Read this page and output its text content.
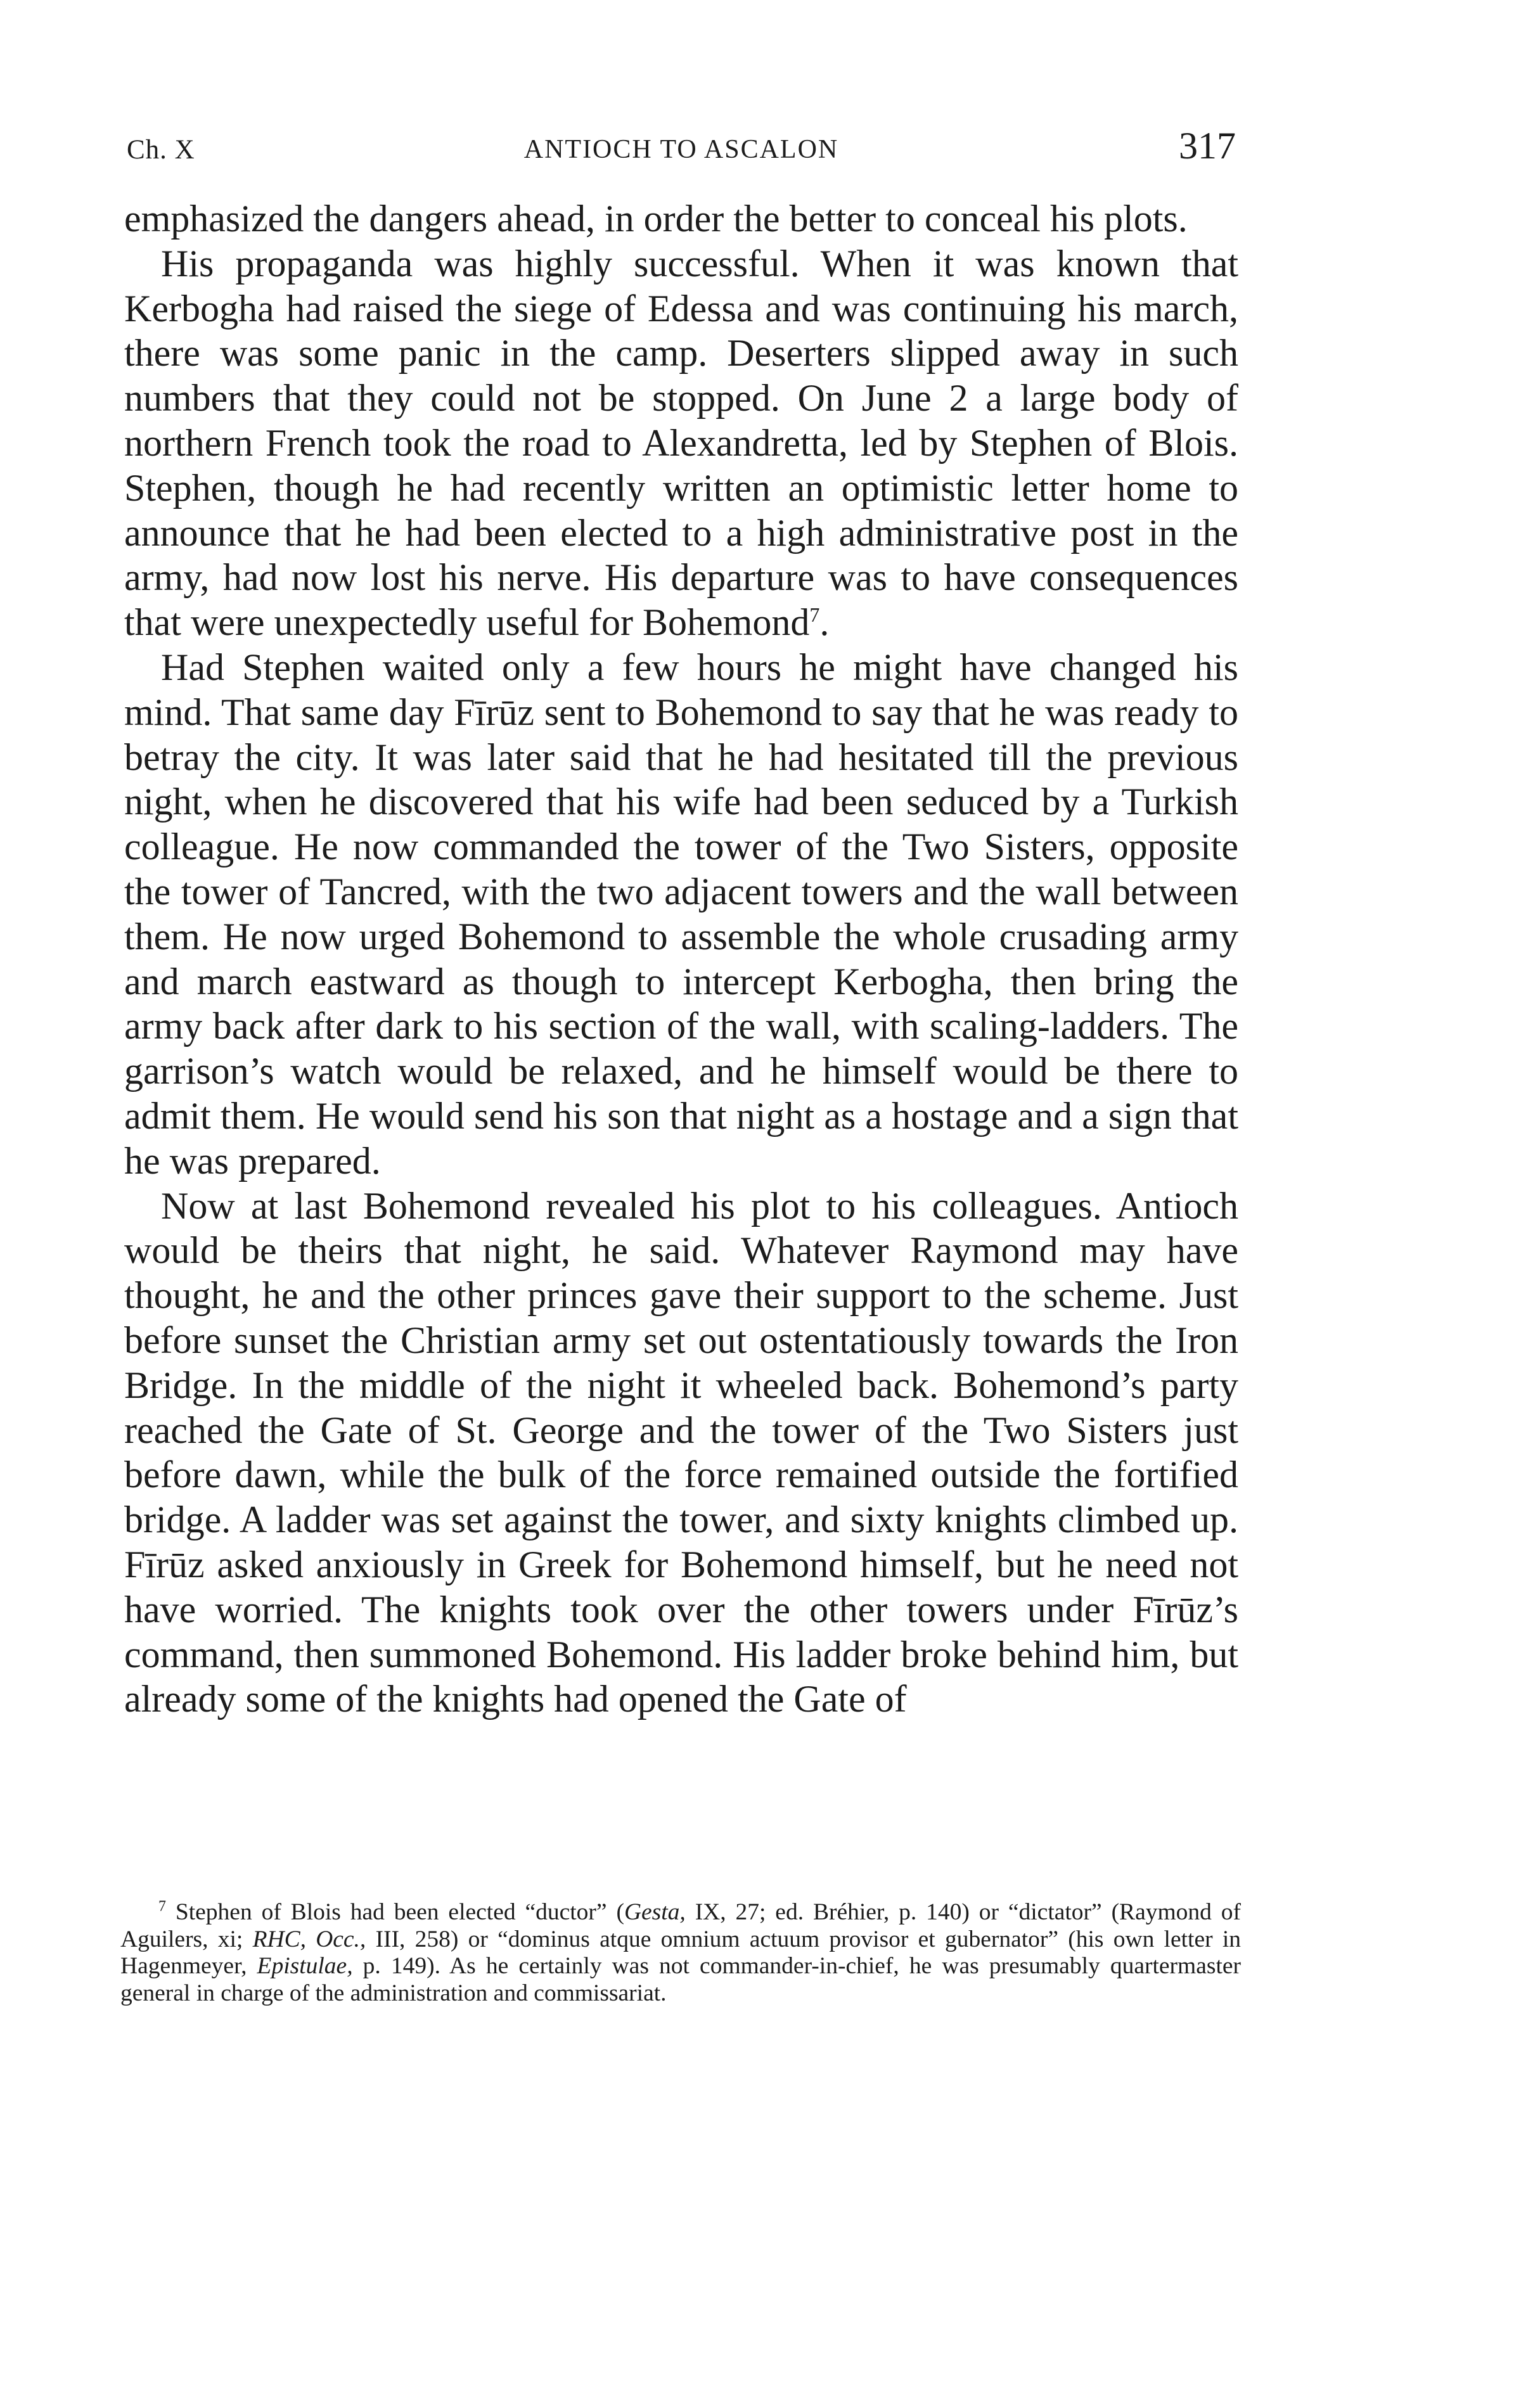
Ch. X	ANTIOCH TO ASCALON	317

emphasized the dangers ahead, in order the better to conceal his plots.

His propaganda was highly successful. When it was known that Kerbogha had raised the siege of Edessa and was continuing his march, there was some panic in the camp. Deserters slipped away in such numbers that they could not be stopped. On June 2 a large body of northern French took the road to Alexandretta, led by Stephen of Blois. Stephen, though he had recently written an optimistic letter home to announce that he had been elected to a high administrative post in the army, had now lost his nerve. His departure was to have consequences that were unexpectedly useful for Bohemond$^7$.

Had Stephen waited only a few hours he might have changed his mind. That same day Fīrūz sent to Bohemond to say that he was ready to betray the city. It was later said that he had hesitated till the previous night, when he discovered that his wife had been seduced by a Turkish colleague. He now commanded the tower of the Two Sisters, opposite the tower of Tancred, with the two adjacent towers and the wall between them. He now urged Bohemond to assemble the whole crusading army and march eastward as though to intercept Kerbogha, then bring the army back after dark to his section of the wall, with scaling-ladders. The garrison’s watch would be relaxed, and he himself would be there to admit them. He would send his son that night as a hostage and a sign that he was prepared.

Now at last Bohemond revealed his plot to his colleagues. Antioch would be theirs that night, he said. Whatever Raymond may have thought, he and the other princes gave their support to the scheme. Just before sunset the Christian army set out ostentatiously towards the Iron Bridge. In the middle of the night it wheeled back. Bohemond’s party reached the Gate of St. George and the tower of the Two Sisters just before dawn, while the bulk of the force remained outside the fortified bridge. A ladder was set against the tower, and sixty knights climbed up. Fīrūz asked anxiously in Greek for Bohemond himself, but he need not have worried. The knights took over the other towers under Fīrūz’s command, then summoned Bohemond. His ladder broke behind him, but already some of the knights had opened the Gate of

$^7$ Stephen of Blois had been elected “ductor” (Gesta, IX, 27; ed. Bréhier, p. 140) or “dictator” (Raymond of Aguilers, xi; RHC, Occ., III, 258) or “dominus atque omnium actuum provisor et gubernator” (his own letter in Hagenmeyer, Epistulae, p. 149). As he certainly was not commander-in-chief, he was presumably quartermaster general in charge of the administration and commissariat.
